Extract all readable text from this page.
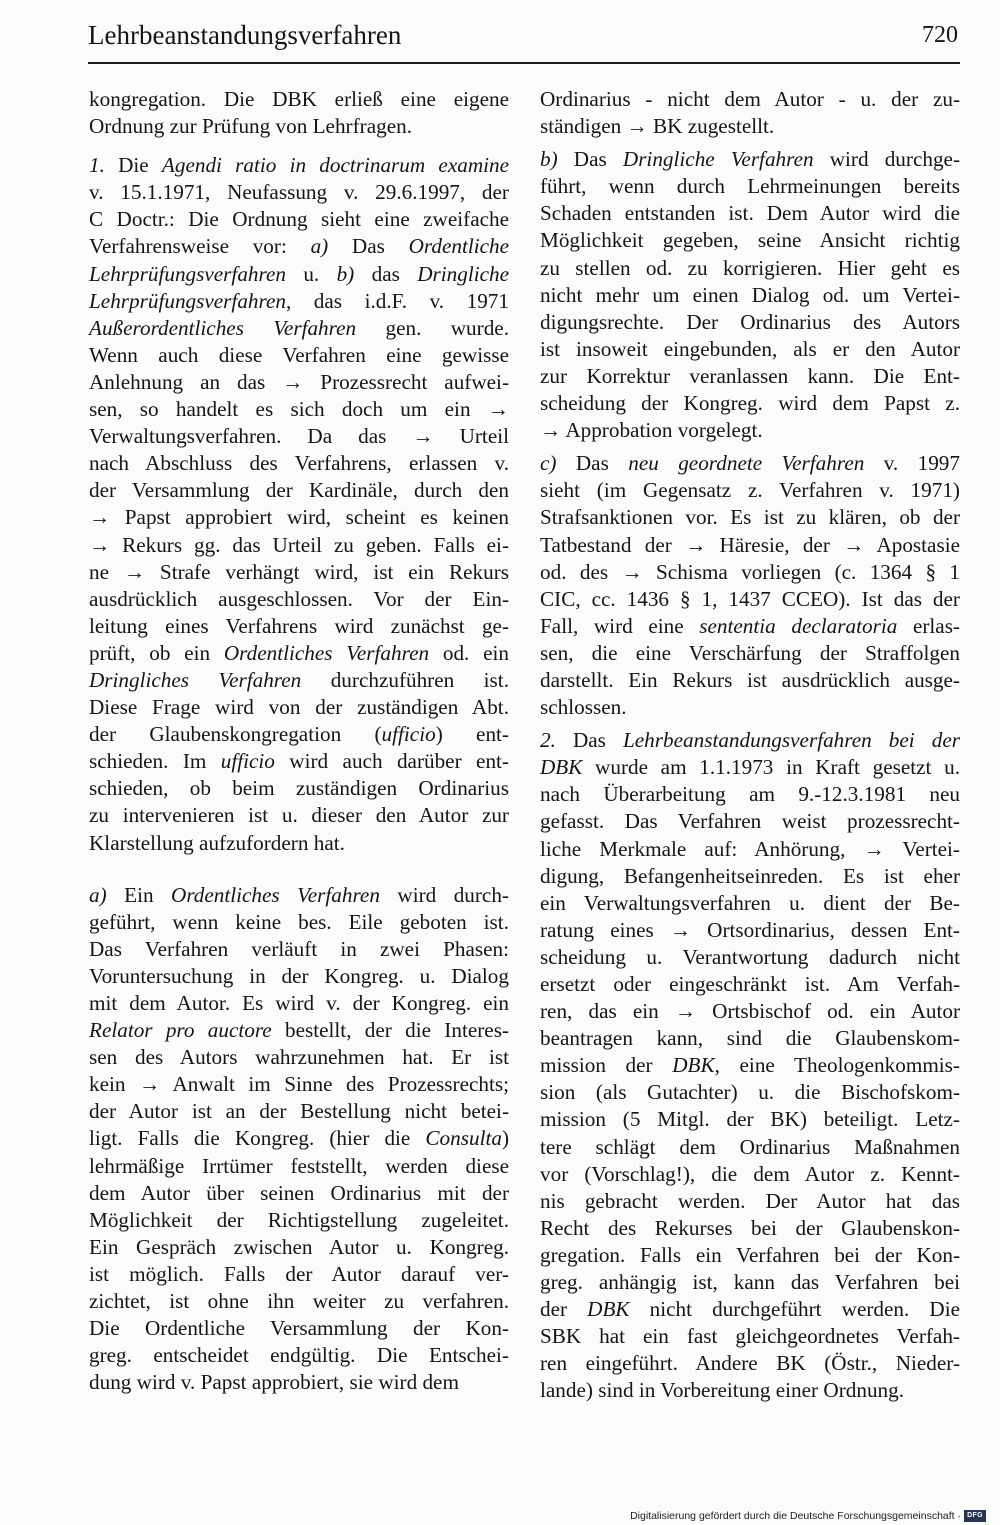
Lehrbeanstandungsverfahren	720

kongregation. Die DBK erließ eine eigene
Ordnung zur Prüfung von Lehrfragen.

1. Die Agendi ratio in doctrinarum examine
v. 15.1.1971, Neufassung v. 29.6.1997, der
C Doctr.: Die Ordnung sieht eine zweifache
Verfahrensweise vor: a) Das Ordentliche
Lehrprüfungsverfahren u. b) das Dringliche
Lehrprüfungsverfahren, das i.d.F. v. 1971
Außerordentliches Verfahren gen. wurde.
Wenn auch diese Verfahren eine gewisse
Anlehnung an das → Prozessrecht aufwei-
sen, so handelt es sich doch um ein →
Verwaltungsverfahren. Da das → Urteil
nach Abschluss des Verfahrens, erlassen v.
der Versammlung der Kardinäle, durch den
→ Papst approbiert wird, scheint es keinen
→ Rekurs gg. das Urteil zu geben. Falls ei-
ne → Strafe verhängt wird, ist ein Rekurs
ausdrücklich ausgeschlossen. Vor der Ein-
leitung eines Verfahrens wird zunächst ge-
prüft, ob ein Ordentliches Verfahren od. ein
Dringliches Verfahren durchzuführen ist.
Diese Frage wird von der zuständigen Abt.
der Glaubenskongregation (ufficio) ent-
schieden. Im ufficio wird auch darüber ent-
schieden, ob beim zuständigen Ordinarius
zu intervenieren ist u. dieser den Autor zur
Klarstellung aufzufordern hat.

a) Ein Ordentliches Verfahren wird durch-
geführt, wenn keine bes. Eile geboten ist.
Das Verfahren verläuft in zwei Phasen:
Voruntersuchung in der Kongreg. u. Dialog
mit dem Autor. Es wird v. der Kongreg. ein
Relator pro auctore bestellt, der die Interes-
sen des Autors wahrzunehmen hat. Er ist
kein → Anwalt im Sinne des Prozessrechts;
der Autor ist an der Bestellung nicht betei-
ligt. Falls die Kongreg. (hier die Consulta)
lehrmäßige Irrtümer feststellt, werden diese
dem Autor über seinen Ordinarius mit der
Möglichkeit der Richtigstellung zugeleitet.
Ein Gespräch zwischen Autor u. Kongreg.
ist möglich. Falls der Autor darauf ver-
zichtet, ist ohne ihn weiter zu verfahren.
Die Ordentliche Versammlung der Kon-
greg. entscheidet endgültig. Die Entschei-
dung wird v. Papst approbiert, sie wird dem

Ordinarius - nicht dem Autor - u. der zu-
ständigen → BK zugestellt.

b) Das Dringliche Verfahren wird durchge-
führt, wenn durch Lehrmeinungen bereits
Schaden entstanden ist. Dem Autor wird die
Möglichkeit gegeben, seine Ansicht richtig
zu stellen od. zu korrigieren. Hier geht es
nicht mehr um einen Dialog od. um Vertei-
digungsrechte. Der Ordinarius des Autors
ist insoweit eingebunden, als er den Autor
zur Korrektur veranlassen kann. Die Ent-
scheidung der Kongreg. wird dem Papst z.
→ Approbation vorgelegt.

c) Das neu geordnete Verfahren v. 1997
sieht (im Gegensatz z. Verfahren v. 1971)
Strafsanktionen vor. Es ist zu klären, ob der
Tatbestand der → Häresie, der → Apostasie
od. des → Schisma vorliegen (c. 1364 § 1
CIC, cc. 1436 § 1, 1437 CCEO). Ist das der
Fall, wird eine sententia declaratoria erlas-
sen, die eine Verschärfung der Straffolgen
darstellt. Ein Rekurs ist ausdrücklich ausge-
schlossen.

2. Das Lehrbeanstandungsverfahren bei der
DBK wurde am 1.1.1973 in Kraft gesetzt u.
nach Überarbeitung am 9.-12.3.1981 neu
gefasst. Das Verfahren weist prozessrecht-
liche Merkmale auf: Anhörung, → Vertei-
digung, Befangenheitseinreden. Es ist eher
ein Verwaltungsverfahren u. dient der Be-
ratung eines → Ortsordinarius, dessen Ent-
scheidung u. Verantwortung dadurch nicht
ersetzt oder eingeschränkt ist. Am Verfah-
ren, das ein → Ortsbischof od. ein Autor
beantragen kann, sind die Glaubenskom-
mission der DBK, eine Theologenkommis-
sion (als Gutachter) u. die Bischofskom-
mission (5 Mitgl. der BK) beteiligt. Letz-
tere schlägt dem Ordinarius Maßnahmen
vor (Vorschlag!), die dem Autor z. Kennt-
nis gebracht werden. Der Autor hat das
Recht des Rekurses bei der Glaubenskon-
gregation. Falls ein Verfahren bei der Kon-
greg. anhängig ist, kann das Verfahren bei
der DBK nicht durchgeführt werden. Die
SBK hat ein fast gleichgeordnetes Verfah-
ren eingeführt. Andere BK (Östr., Nieder-
lande) sind in Vorbereitung einer Ordnung.

Digitalisierung gefördert durch die Deutsche Forschungsgemeinschaft · DFG
